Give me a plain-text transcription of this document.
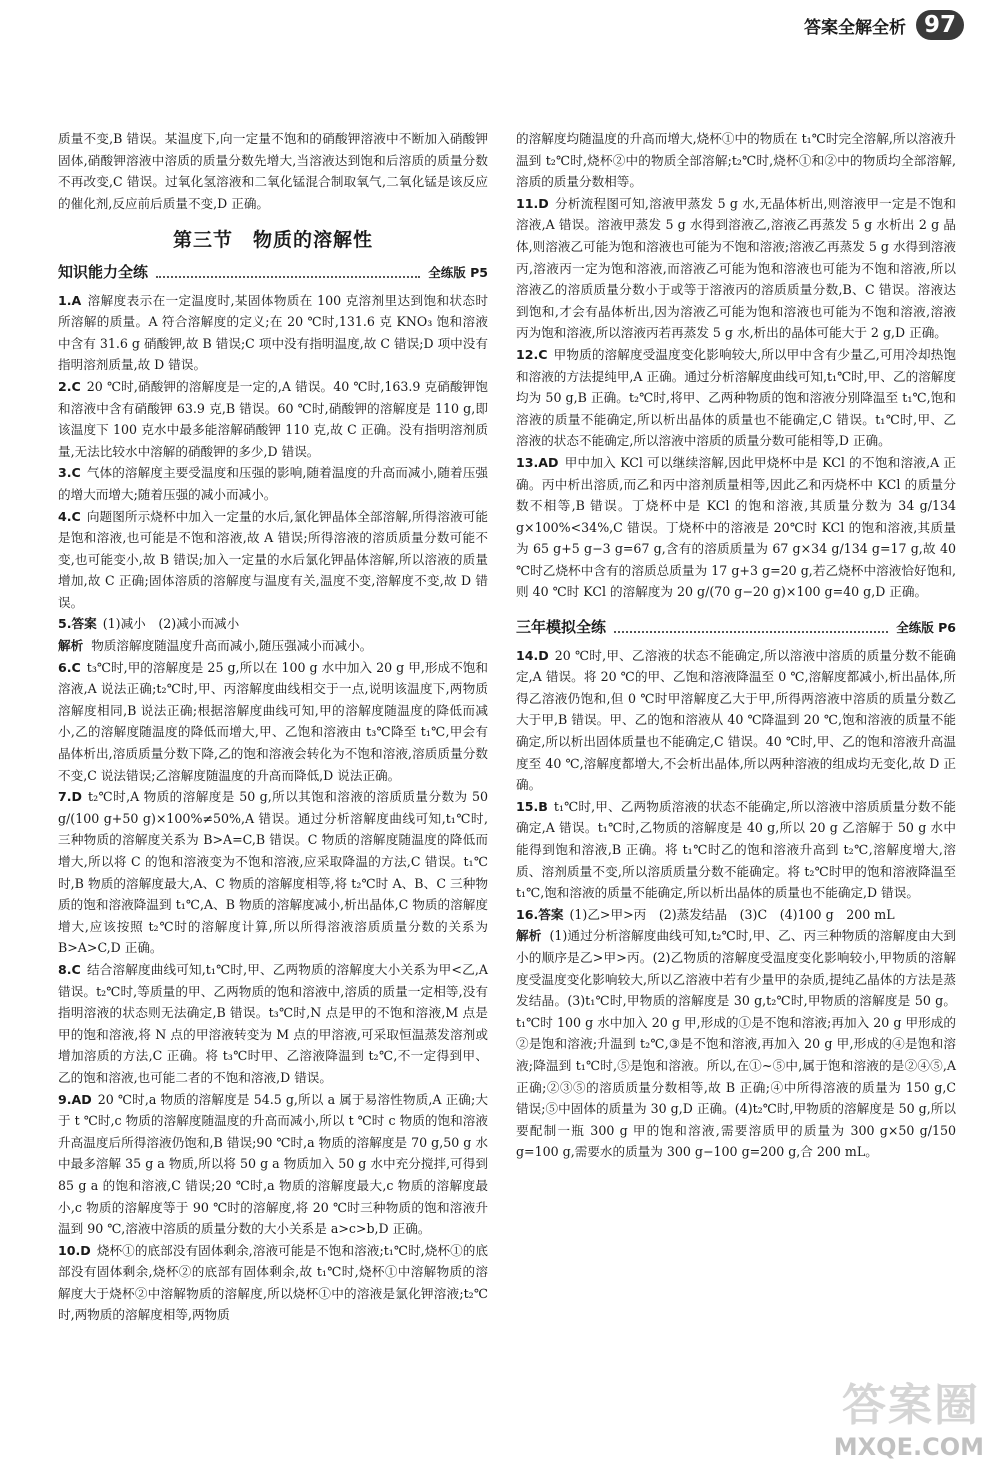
答案全解全析 97

质量不变,B 错误。某温度下,向一定量不饱和的硝酸钾溶液中不断加入硝酸钾固体,硝酸钾溶液中溶质的质量分数先增大,当溶液达到饱和后溶质的质量分数不再改变,C 错误。过氧化氢溶液和二氧化锰混合制取氧气,二氧化锰是该反应的催化剂,反应前后质量不变,D 正确。

第三节　物质的溶解性
知识能力全练	全练版 P5

1.A 溶解度表示在一定温度时,某固体物质在 100 克溶剂里达到饱和状态时所溶解的质量。A 符合溶解度的定义;在 20 ℃时,131.6 克 KNO₃ 饱和溶液中含有 31.6 g 硝酸钾,故 B 错误;C 项中没有指明温度,故 C 错误;D 项中没有指明溶剂质量,故 D 错误。

2.C 20 ℃时,硝酸钾的溶解度是一定的,A 错误。40 ℃时,163.9 克硝酸钾饱和溶液中含有硝酸钾 63.9 克,B 错误。60 ℃时,硝酸钾的溶解度是 110 g,即该温度下 100 克水中最多能溶解硝酸钾 110 克,故 C 正确。没有指明溶剂质量,无法比较水中溶解的硝酸钾的多少,D 错误。

3.C 气体的溶解度主要受温度和压强的影响,随着温度的升高而减小,随着压强的增大而增大;随着压强的减小而减小。

4.C 向题图所示烧杯中加入一定量的水后,氯化钾晶体全部溶解,所得溶液可能是饱和溶液,也可能是不饱和溶液,故 A 错误;所得溶液的溶质质量分数可能不变,也可能变小,故 B 错误;加入一定量的水后氯化钾晶体溶解,所以溶液的质量增加,故 C 正确;固体溶质的溶解度与温度有关,温度不变,溶解度不变,故 D 错误。

5.答案 (1)减小　(2)减小而减小

解析 物质溶解度随温度升高而减小,随压强减小而减小。

6.C t₃℃时,甲的溶解度是 25 g,所以在 100 g 水中加入 20 g 甲,形成不饱和溶液,A 说法正确;t₂℃时,甲、丙溶解度曲线相交于一点,说明该温度下,两物质溶解度相同,B 说法正确;根据溶解度曲线可知,甲的溶解度随温度的降低而减小,乙的溶解度随温度的降低而增大,甲、乙饱和溶液由 t₃℃降至 t₁℃,甲会有晶体析出,溶质质量分数下降,乙的饱和溶液会转化为不饱和溶液,溶质质量分数不变,C 说法错误;乙溶解度随温度的升高而降低,D 说法正确。

7.D t₂℃时,A 物质的溶解度是 50 g,所以其饱和溶液的溶质质量分数为 50 g/(100 g+50 g)×100%≠50%,A 错误。通过分析溶解度曲线可知,t₁℃时,三种物质的溶解度关系为 B>A=C,B 错误。C 物质的溶解度随温度的降低而增大,所以将 C 的饱和溶液变为不饱和溶液,应采取降温的方法,C 错误。t₁℃时,B 物质的溶解度最大,A、C 物质的溶解度相等,将 t₂℃时 A、B、C 三种物质的饱和溶液降温到 t₁℃,A、B 物质的溶解度减小,析出晶体,C 物质的溶解度增大,应该按照 t₂℃时的溶解度计算,所以所得溶液溶质质量分数的关系为 B>A>C,D 正确。

8.C 结合溶解度曲线可知,t₁℃时,甲、乙两物质的溶解度大小关系为甲<乙,A 错误。t₂℃时,等质量的甲、乙两物质的饱和溶液中,溶质的质量一定相等,没有指明溶液的状态则无法确定,B 错误。t₃℃时,N 点是甲的不饱和溶液,M 点是甲的饱和溶液,将 N 点的甲溶液转变为 M 点的甲溶液,可采取恒温蒸发溶剂或增加溶质的方法,C 正确。将 t₃℃时甲、乙溶液降温到 t₂℃,不一定得到甲、乙的饱和溶液,也可能二者的不饱和溶液,D 错误。

9.AD 20 ℃时,a 物质的溶解度是 54.5 g,所以 a 属于易溶性物质,A 正确;大于 t ℃时,c 物质的溶解度随温度的升高而减小,所以 t ℃时 c 物质的饱和溶液升高温度后所得溶液仍饱和,B 错误;90 ℃时,a 物质的溶解度是 70 g,50 g 水中最多溶解 35 g a 物质,所以将 50 g a 物质加入 50 g 水中充分搅拌,可得到 85 g a 的饱和溶液,C 错误;20 ℃时,a 物质的溶解度最大,c 物质的溶解度最小,c 物质的溶解度等于 90 ℃时的溶解度,将 20 ℃时三种物质的饱和溶液升温到 90 ℃,溶液中溶质的质量分数的大小关系是 a>c>b,D 正确。

10.D 烧杯①的底部没有固体剩余,溶液可能是不饱和溶液;t₁℃时,烧杯①的底部没有固体剩余,烧杯②的底部有固体剩余,故 t₁℃时,烧杯①中溶解物质的溶解度大于烧杯②中溶解物质的溶解度,所以烧杯①中的溶液是氯化钾溶液;t₂℃时,两物质的溶解度相等,两物质

的溶解度均随温度的升高而增大,烧杯①中的物质在 t₁℃时完全溶解,所以溶液升温到 t₂℃时,烧杯②中的物质全部溶解;t₂℃时,烧杯①和②中的物质均全部溶解,溶质的质量分数相等。

11.D 分析流程图可知,溶液甲蒸发 5 g 水,无晶体析出,则溶液甲一定是不饱和溶液,A 错误。溶液甲蒸发 5 g 水得到溶液乙,溶液乙再蒸发 5 g 水析出 2 g 晶体,则溶液乙可能为饱和溶液也可能为不饱和溶液;溶液乙再蒸发 5 g 水得到溶液丙,溶液丙一定为饱和溶液,而溶液乙可能为饱和溶液也可能为不饱和溶液,所以溶液乙的溶质质量分数小于或等于溶液丙的溶质质量分数,B、C 错误。溶液达到饱和,才会有晶体析出,因为溶液乙可能为饱和溶液也可能为不饱和溶液,溶液丙为饱和溶液,所以溶液丙若再蒸发 5 g 水,析出的晶体可能大于 2 g,D 正确。

12.C 甲物质的溶解度受温度变化影响较大,所以甲中含有少量乙,可用冷却热饱和溶液的方法提纯甲,A 正确。通过分析溶解度曲线可知,t₁℃时,甲、乙的溶解度均为 50 g,B 正确。t₂℃时,将甲、乙两种物质的饱和溶液分别降温至 t₁℃,饱和溶液的质量不能确定,所以析出晶体的质量也不能确定,C 错误。t₁℃时,甲、乙溶液的状态不能确定,所以溶液中溶质的质量分数可能相等,D 正确。

13.AD 甲中加入 KCl 可以继续溶解,因此甲烧杯中是 KCl 的不饱和溶液,A 正确。丙中析出溶质,而乙和丙中溶剂质量相等,因此乙和丙烧杯中 KCl 的质量分数不相等,B 错误。丁烧杯中是 KCl 的饱和溶液,其质量分数为 34 g/134 g×100%<34%,C 错误。丁烧杯中的溶液是 20℃时 KCl 的饱和溶液,其质量为 65 g+5 g−3 g=67 g,含有的溶质质量为 67 g×34 g/134 g=17 g,故 40 ℃时乙烧杯中含有的溶质总质量为 17 g+3 g=20 g,若乙烧杯中溶液恰好饱和,则 40 ℃时 KCl 的溶解度为 20 g/(70 g−20 g)×100 g=40 g,D 正确。

三年模拟全练	全练版 P6

14.D 20 ℃时,甲、乙溶液的状态不能确定,所以溶液中溶质的质量分数不能确定,A 错误。将 20 ℃的甲、乙饱和溶液降温至 0 ℃,溶解度都减小,析出晶体,所得乙溶液仍饱和,但 0 ℃时甲溶解度乙大于甲,所得两溶液中溶质的质量分数乙大于甲,B 错误。甲、乙的饱和溶液从 40 ℃降温到 20 ℃,饱和溶液的质量不能确定,所以析出固体质量也不能确定,C 错误。40 ℃时,甲、乙的饱和溶液升高温度至 40 ℃,溶解度都增大,不会析出晶体,所以两种溶液的组成均无变化,故 D 正确。

15.B t₁℃时,甲、乙两物质溶液的状态不能确定,所以溶液中溶质质量分数不能确定,A 错误。t₁℃时,乙物质的溶解度是 40 g,所以 20 g 乙溶解于 50 g 水中能得到饱和溶液,B 正确。将 t₁℃时乙的饱和溶液升高到 t₂℃,溶解度增大,溶质、溶剂质量不变,所以溶质质量分数不能确定。将 t₂℃时甲的饱和溶液降温至 t₁℃,饱和溶液的质量不能确定,所以析出晶体的质量也不能确定,D 错误。

16.答案 (1)乙>甲>丙　(2)蒸发结晶　(3)C　(4)100 g　200 mL

解析 (1)通过分析溶解度曲线可知,t₂℃时,甲、乙、丙三种物质的溶解度由大到小的顺序是乙>甲>丙。(2)乙物质的溶解度受温度变化影响较小,甲物质的溶解度受温度变化影响较大,所以乙溶液中若有少量甲的杂质,提纯乙晶体的方法是蒸发结晶。(3)t₁℃时,甲物质的溶解度是 30 g,t₂℃时,甲物质的溶解度是 50 g。t₁℃时 100 g 水中加入 20 g 甲,形成的①是不饱和溶液;再加入 20 g 甲形成的②是饱和溶液;升温到 t₂℃,③是不饱和溶液,再加入 20 g 甲,形成的④是饱和溶液;降温到 t₁℃时,⑤是饱和溶液。所以,在①~⑤中,属于饱和溶液的是②④⑤,A 正确;②③⑤的溶质质量分数相等,故 B 正确;④中所得溶液的质量为 150 g,C 错误;⑤中固体的质量为 30 g,D 正确。(4)t₂℃时,甲物质的溶解度是 50 g,所以要配制一瓶 300 g 甲的饱和溶液,需要溶质甲的质量为 300 g×50 g/150 g=100 g,需要水的质量为 300 g−100 g=200 g,合 200 mL。

答案圈
MXQE.COM
